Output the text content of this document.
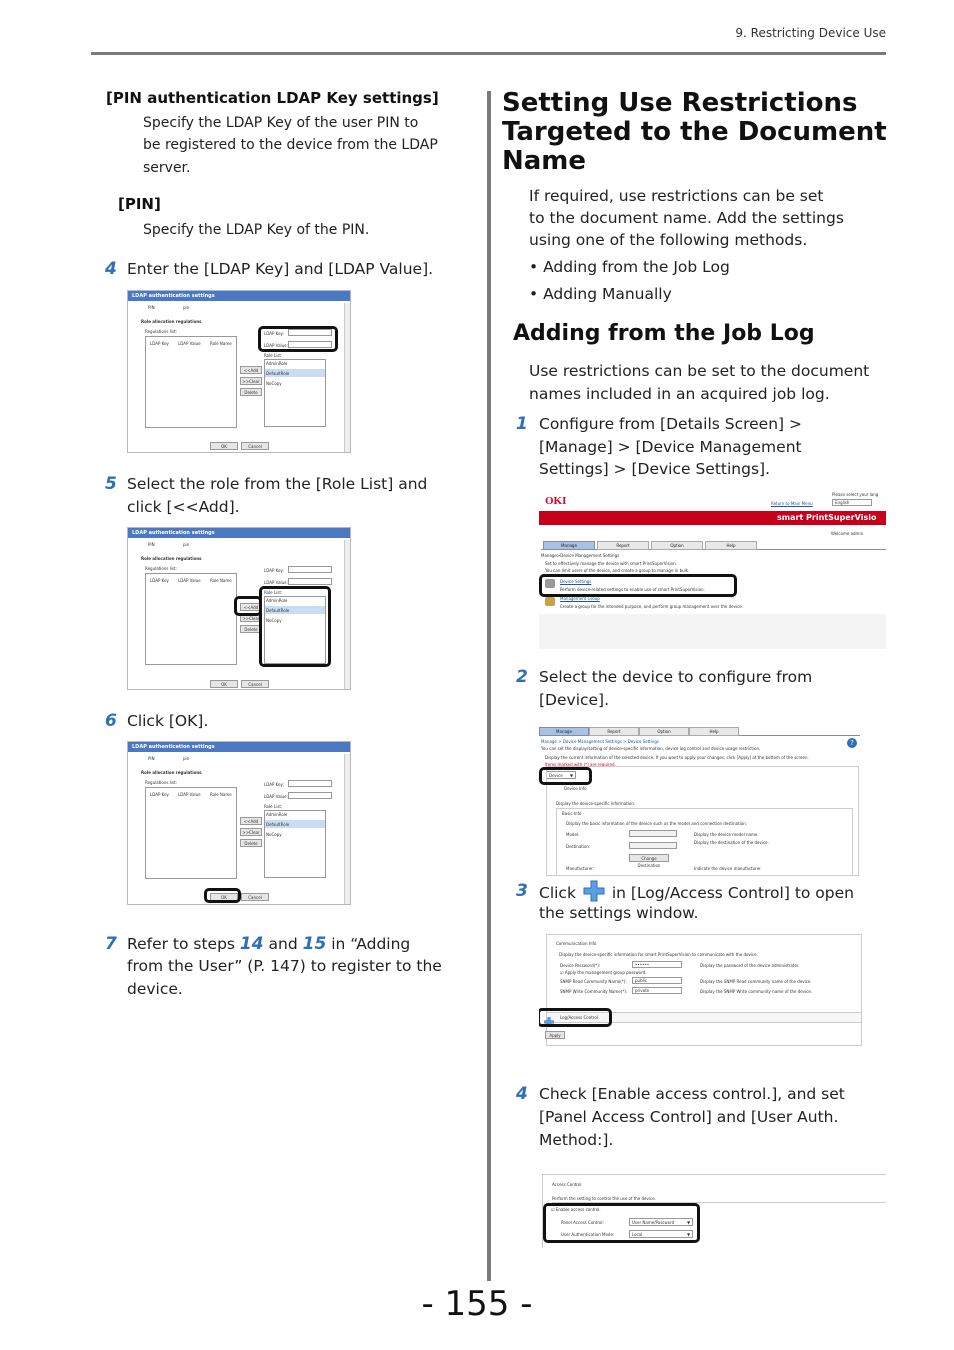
9. Restricting Device Use
[PIN authentication LDAP Key settings]
Specify the LDAP Key of the user PIN to
be registered to the device from the LDAP
server.
[PIN]
Specify the LDAP Key of the PIN.
4 Enter the [LDAP Key] and [LDAP Value].
LDAP authentication settings
PIN	pin
Role allocation regulations
Regulations list:
LDAP Key LDAP Value Role Name
<<Add
>>Clear
Delete
LDAP Key:
LDAP Value:
Role List:
AdminRole
DefaultRole
NoCopy
OK	Cancel
5 Select the role from the [Role List] and
click [<<Add].
LDAP authentication settings
PIN	pin
Role allocation regulations
Regulations list:
LDAP Key LDAP Value Role Name
<<Add
>>Clear
Delete
LDAP Key:
LDAP Value:
Role List:
AdminRole
DefaultRole
NoCopy
OK	Cancel
6 Click [OK].
LDAP authentication settings
PIN	pin
Role allocation regulations
Regulations list:
LDAP Key LDAP Value Role Name
<<Add
>>Clear
Delete
LDAP Key:
LDAP Value:
Role List:
AdminRole
DefaultRole
NoCopy
OK	Cancel
7 Refer to steps 14 and 15 in “Adding
from the User” (P. 147) to register to the
device.
Setting Use Restrictions
Targeted to the Document
Name
If required, use restrictions can be set
to the document name. Add the settings
using one of the following methods.
• Adding from the Job Log
• Adding Manually
Adding from the Job Log
Use restrictions can be set to the document
names included in an acquired job log.
1 Configure from [Details Screen] >
[Manage] > [Device Management
Settings] > [Device Settings].
OKI
Please select your lang
English
Return to Main Menu
smart PrintSuperVisio
Welcome admin
Manage	Report	Option	Help
Manage>Device Management Settings
Set to effectively manage the device with smart PrintSuperVision.
You can limit users of the device, and create a group to manage in bulk.
Device Settings
Perform device-related settings to enable use of smart PrintSuperVision.
Management Group
Create a group for the intended purpose, and perform group management over the device.
2 Select the device to configure from
[Device].
Manage	Report	Option	Help
?
Manage > Device Management Settings > Device Settings
You can set the display/setting of device-specific information, device log control and device usage restriction.
Display the current information of the selected device. If you want to apply your changes, click [Apply] at the bottom of the screen.
Items marked with (*) are required.
Device ▼
Device Info
Display the device-specific information.
Basic Info
Display the basic information of the device such as the model and connection destination.
Model:	Display the device model name.
Destination:
Display the destination of the device.
Change Destination
Manufacturer:	Indicate the device manufacturer.
3 Click in [Log/Access Control] to open
the settings window.
Communication Info
Display the device-specific information for smart PrintSuperVision to communicate with the device.
Device Password(*):	••••••	Display the password of the device administrator.
☑ Apply the management group password.
SNMP Read Community Name(*): public	Display the SNMP Read community name of the device.
SNMP Write Community Name(*): private	Display the SNMP Write community name of the device.
Log/Access Control
Apply
4 Check [Enable access control.], and set
[Panel Access Control] and [User Auth.
Method:].
Access Control
Perform the setting to control the use of the device.
☑ Enable access control.
Panel Access Control:	User Name/Password	▼
User Authentication Mode:	Local	▼
- 155 -
